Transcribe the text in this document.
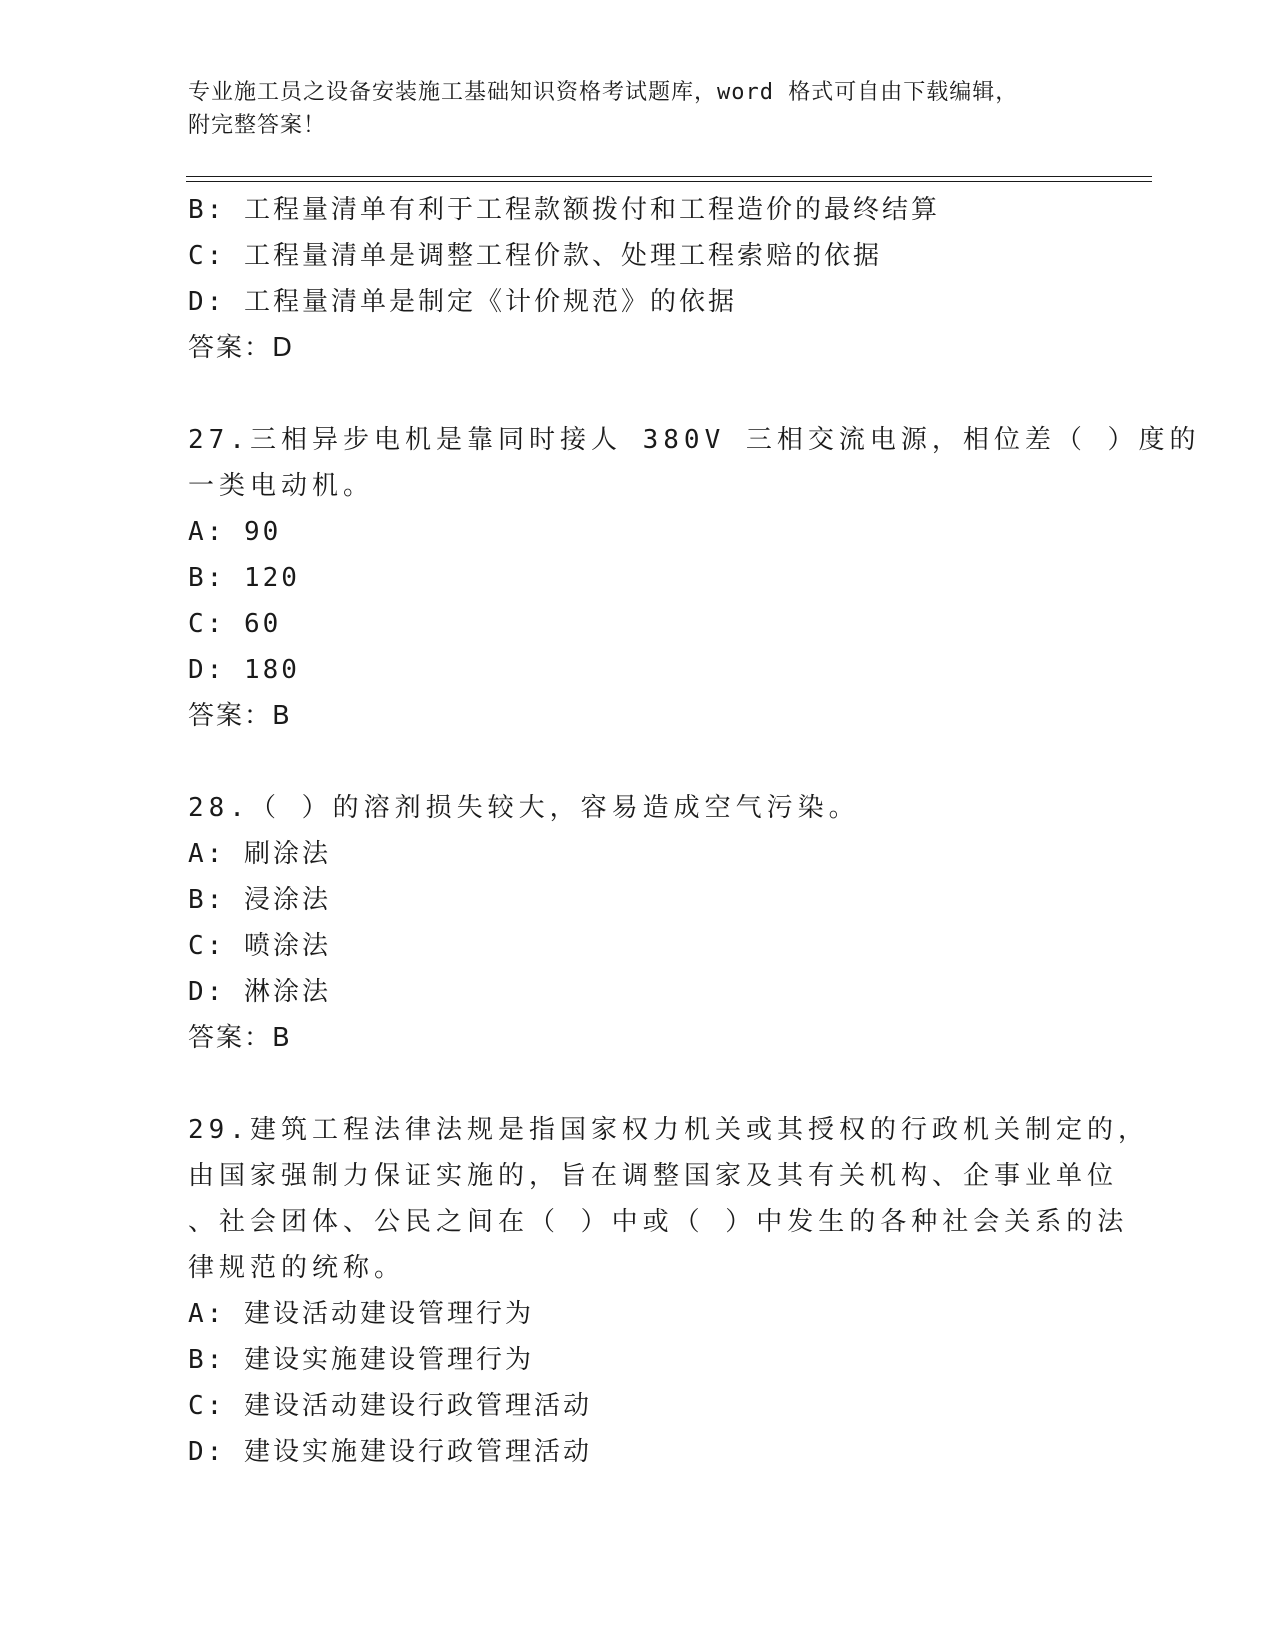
专业施工员之设备安装施工基础知识资格考试题库，word 格式可自由下载编辑，
附完整答案！
B: 工程量清单有利于工程款额拨付和工程造价的最终结算
C: 工程量清单是调整工程价款、处理工程索赔的依据
D: 工程量清单是制定《计价规范》的依据
答案：D
27.三相异步电机是靠同时接人 380V 三相交流电源，相位差（ ）度的
一类电动机。
A: 90
B: 120
C: 60
D: 180
答案：B
28.（ ）的溶剂损失较大，容易造成空气污染。
A: 刷涂法
B: 浸涂法
C: 喷涂法
D: 淋涂法
答案：B
29.建筑工程法律法规是指国家权力机关或其授权的行政机关制定的，
由国家强制力保证实施的，旨在调整国家及其有关机构、企事业单位
、社会团体、公民之间在（ ）中或（ ）中发生的各种社会关系的法
律规范的统称。
A: 建设活动建设管理行为
B: 建设实施建设管理行为
C: 建设活动建设行政管理活动
D: 建设实施建设行政管理活动
